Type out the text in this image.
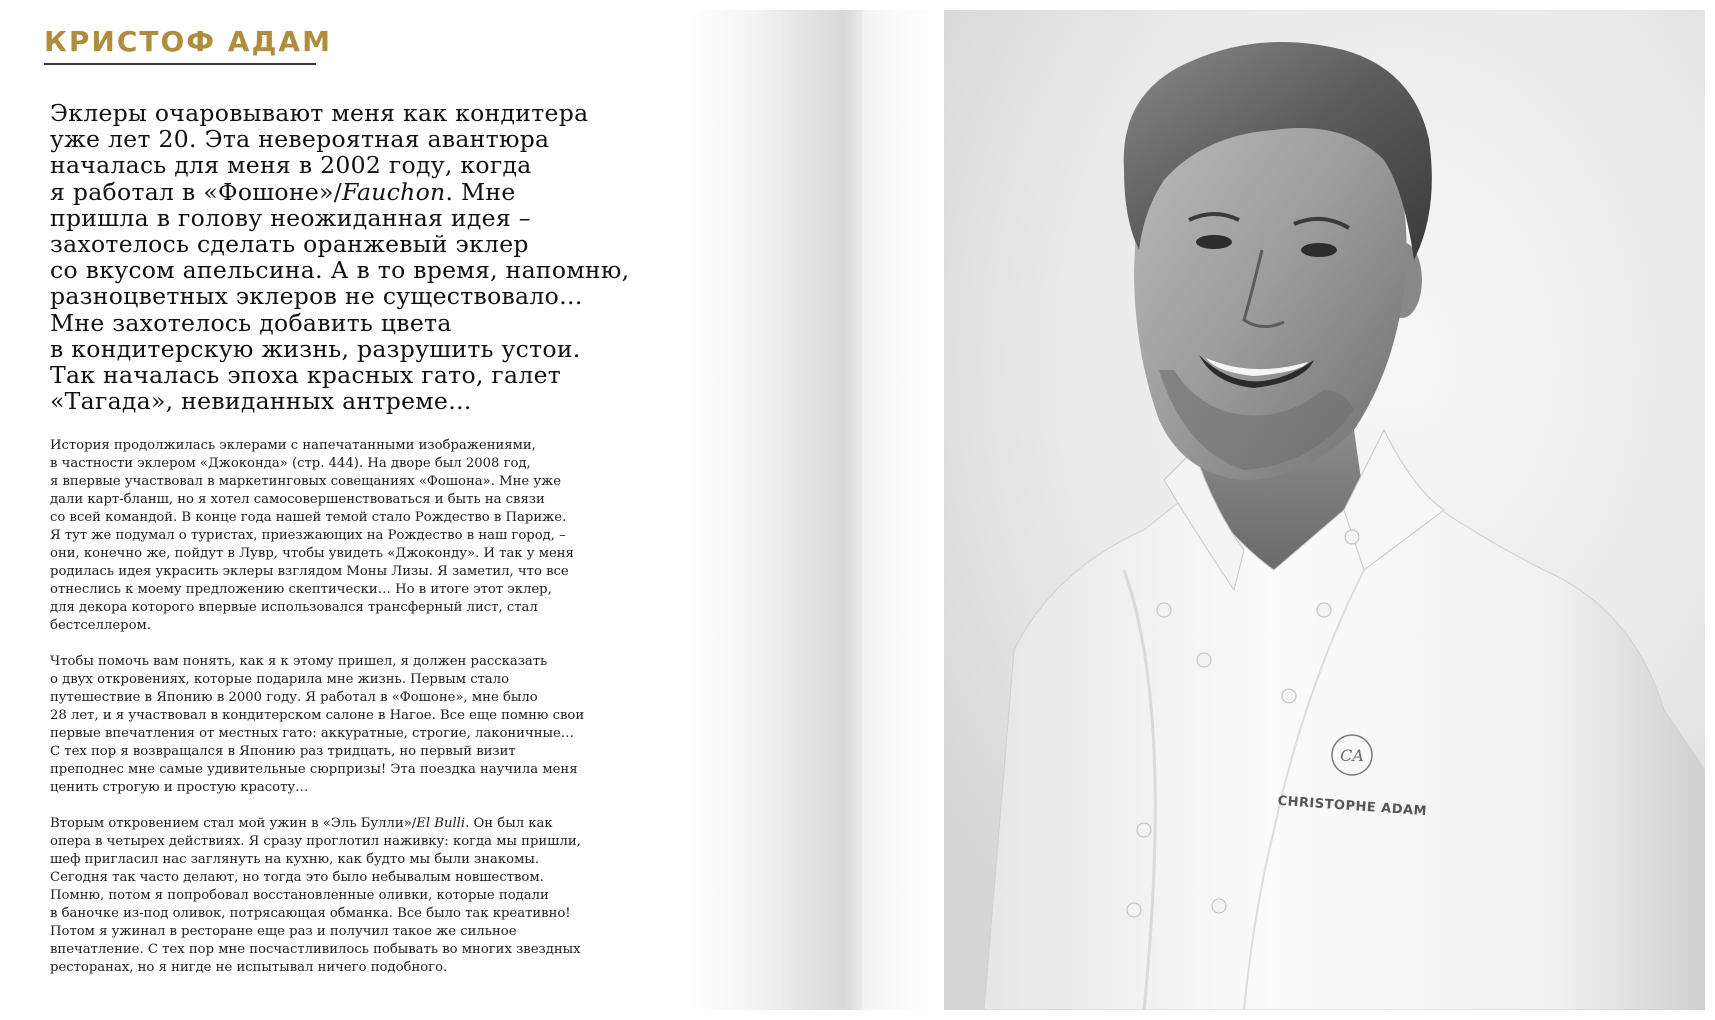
КРИСТОФ АДАМ
Эклеры очаровывают меня как кондитера
уже лет 20. Эта невероятная авантюра
началась для меня в 2002 году, когда
я работал в «Фошоне»/Fauchon. Мне
пришла в голову неожиданная идея –
захотелось сделать оранжевый эклер
со вкусом апельсина. А в то время, напомню,
разноцветных эклеров не существовало…
Мне захотелось добавить цвета
в кондитерскую жизнь, разрушить устои.
Так началась эпоха красных гато, галет
«Тагада», невиданных антреме…

История продолжилась эклерами с напечатанными изображениями,
в частности эклером «Джоконда» (стр. 444). На дворе был 2008 год,
я впервые участвовал в маркетинговых совещаниях «Фошона». Мне уже
дали карт-бланш, но я хотел самосовершенствоваться и быть на связи
со всей командой. В конце года нашей темой стало Рождество в Париже.
Я тут же подумал о туристах, приезжающих на Рождество в наш город, –
они, конечно же, пойдут в Лувр, чтобы увидеть «Джоконду». И так у меня
родилась идея украсить эклеры взглядом Моны Лизы. Я заметил, что все
отнеслись к моему предложению скептически… Но в итоге этот эклер,
для декора которого впервые использовался трансферный лист, стал
бестселлером.

Чтобы помочь вам понять, как я к этому пришел, я должен рассказать
о двух откровениях, которые подарила мне жизнь. Первым стало
путешествие в Японию в 2000 году. Я работал в «Фошоне», мне было
28 лет, и я участвовал в кондитерском салоне в Нагое. Все еще помню свои
первые впечатления от местных гато: аккуратные, строгие, лаконичные…
С тех пор я возвращался в Японию раз тридцать, но первый визит
преподнес мне самые удивительные сюрпризы! Эта поездка научила меня
ценить строгую и простую красоту…

Вторым откровением стал мой ужин в «Эль Булли»/El Bulli. Он был как
опера в четырех действиях. Я сразу проглотил наживку: когда мы пришли,
шеф пригласил нас заглянуть на кухню, как будто мы были знакомы.
Сегодня так часто делают, но тогда это было небывалым новшеством.
Помню, потом я попробовал восстановленные оливки, которые подали
в баночке из-под оливок, потрясающая обманка. Все было так креативно!
Потом я ужинал в ресторане еще раз и получил такое же сильное
впечатление. С тех пор мне посчастливилось побывать во многих звездных
ресторанах, но я нигде не испытывал ничего подобного.

CA
CHRISTOPHE ADAM
